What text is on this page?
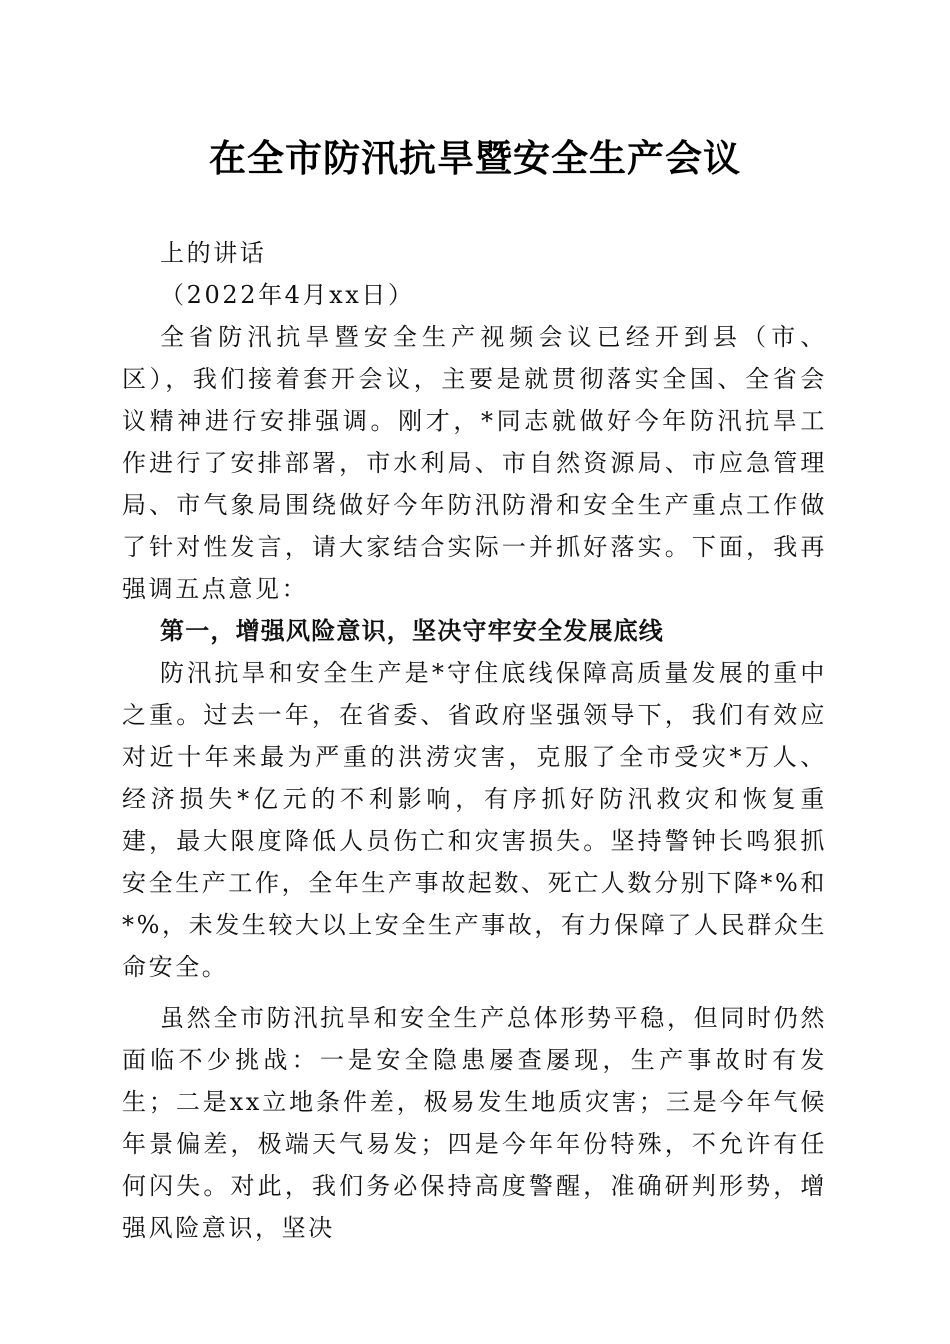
在全市防汛抗旱暨安全生产会议

上的讲话

（2022年4月xx日）

全省防汛抗旱暨安全生产视频会议已经开到县（市、区），我们接着套开会议，主要是就贯彻落实全国、全省会议精神进行安排强调。刚才，*同志就做好今年防汛抗旱工作进行了安排部署，市水利局、市自然资源局、市应急管理局、市气象局围绕做好今年防汛防滑和安全生产重点工作做了针对性发言，请大家结合实际一并抓好落实。下面，我再强调五点意见：

第一，增强风险意识，坚决守牢安全发展底线

防汛抗旱和安全生产是*守住底线保障高质量发展的重中之重。过去一年，在省委、省政府坚强领导下，我们有效应对近十年来最为严重的洪涝灾害，克服了全市受灾*万人、经济损失*亿元的不利影响，有序抓好防汛救灾和恢复重建，最大限度降低人员伤亡和灾害损失。坚持警钟长鸣狠抓安全生产工作，全年生产事故起数、死亡人数分别下降*%和*%，未发生较大以上安全生产事故，有力保障了人民群众生命安全。

虽然全市防汛抗旱和安全生产总体形势平稳，但同时仍然面临不少挑战：一是安全隐患屡查屡现，生产事故时有发生；二是xx立地条件差，极易发生地质灾害；三是今年气候年景偏差，极端天气易发；四是今年年份特殊，不允许有任何闪失。对此，我们务必保持高度警醒，准确研判形势，增强风险意识，坚决
